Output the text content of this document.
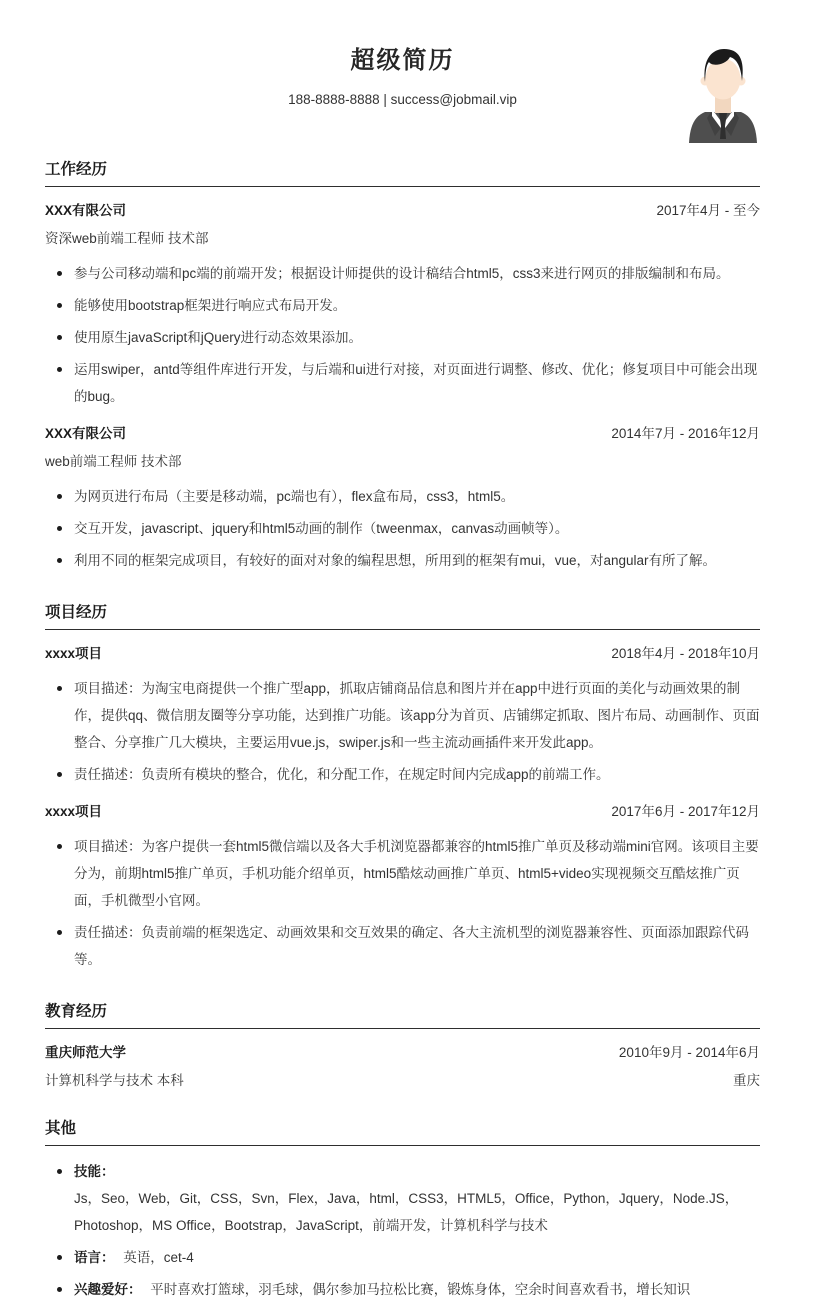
超级简历
188-8888-8888 | success@jobmail.vip
工作经历
XXX有限公司	2017年4月 - 至今
资深web前端工程师 技术部
参与公司移动端和pc端的前端开发；根据设计师提供的设计稿结合html5，css3来进行网页的排版编制和布局。
能够使用bootstrap框架进行响应式布局开发。
使用原生javaScript和jQuery进行动态效果添加。
运用swiper，antd等组件库进行开发，与后端和ui进行对接，对页面进行调整、修改、优化；修复项目中可能会出现的bug。
XXX有限公司	2014年7月 - 2016年12月
web前端工程师 技术部
为网页进行布局（主要是移动端，pc端也有），flex盒布局，css3，html5。
交互开发，javascript、jquery和html5动画的制作（tweenmax，canvas动画帧等）。
利用不同的框架完成项目，有较好的面对对象的编程思想，所用到的框架有mui，vue，对angular有所了解。
项目经历
xxxx项目	2018年4月 - 2018年10月
项目描述：为淘宝电商提供一个推广型app，抓取店铺商品信息和图片并在app中进行页面的美化与动画效果的制作，提供qq、微信朋友圈等分享功能，达到推广功能。该app分为首页、店铺绑定抓取、图片布局、动画制作、页面整合、分享推广几大模块，主要运用vue.js，swiper.js和一些主流动画插件来开发此app。
责任描述：负责所有模块的整合，优化，和分配工作，在规定时间内完成app的前端工作。
xxxx项目	2017年6月 - 2017年12月
项目描述：为客户提供一套html5微信端以及各大手机浏览器都兼容的html5推广单页及移动端mini官网。该项目主要分为，前期html5推广单页，手机功能介绍单页，html5酷炫动画推广单页、html5+video实现视频交互酷炫推广页面，手机微型小官网。
责任描述：负责前端的框架选定、动画效果和交互效果的确定、各大主流机型的浏览器兼容性、页面添加跟踪代码等。
教育经历
重庆师范大学	2010年9月 - 2014年6月
计算机科学与技术 本科	重庆
其他
技能：
Js，Seo，Web，Git，CSS，Svn，Flex，Java，html，CSS3，HTML5，Office，Python，Jquery，Node.JS，Photoshop，MS Office，Bootstrap，JavaScript，前端开发，计算机科学与技术
语言： 英语，cet-4
兴趣爱好： 平时喜欢打篮球，羽毛球，偶尔参加马拉松比赛，锻炼身体，空余时间喜欢看书，增长知识
